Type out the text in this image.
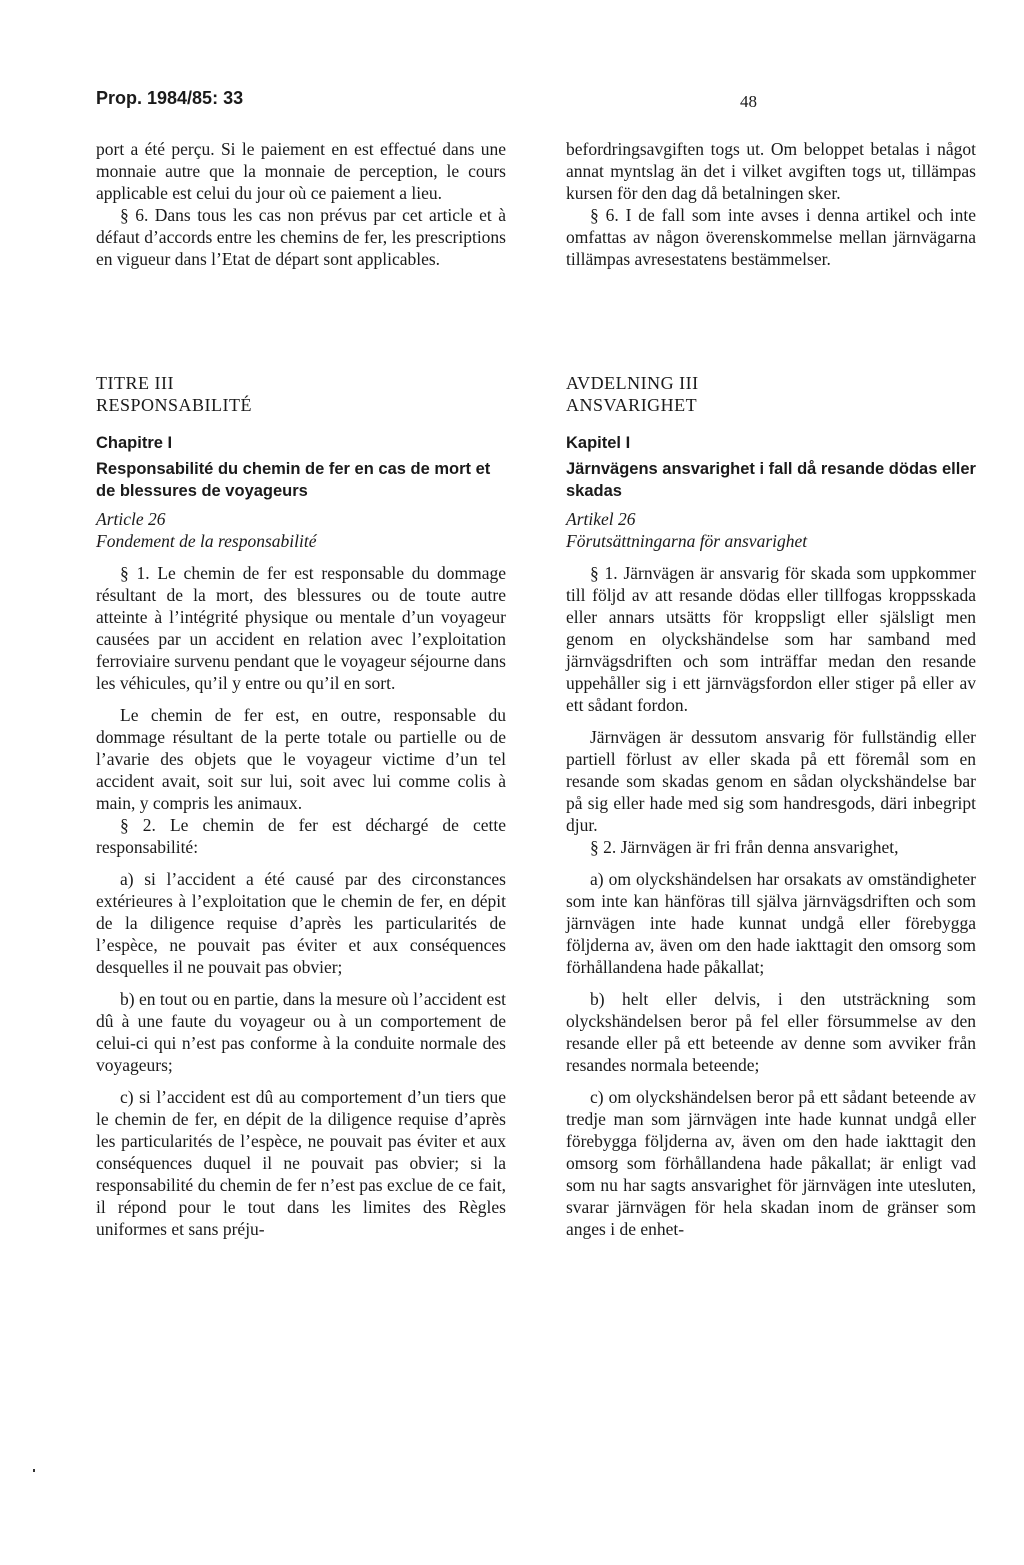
Prop. 1984/85: 33	48

port a été perçu. Si le paiement en est effectué dans une monnaie autre que la monnaie de perception, le cours applicable est celui du jour où ce paiement a lieu.

§ 6. Dans tous les cas non prévus par cet article et à défaut d’accords entre les chemins de fer, les prescriptions en vigueur dans l’Etat de départ sont applicables.

befordringsavgiften togs ut. Om beloppet betalas i något annat myntslag än det i vilket avgiften togs ut, tillämpas kursen för den dag då betalningen sker.

§ 6. I de fall som inte avses i denna artikel och inte omfattas av någon överenskommelse mellan järnvägarna tillämpas avresestatens bestämmelser.

TITRE III
RESPONSABILITÉ
Chapitre I
Responsabilité du chemin de fer en cas de mort et de blessures de voyageurs
Article 26
Fondement de la responsabilité

§ 1. Le chemin de fer est responsable du dommage résultant de la mort, des blessures ou de toute autre atteinte à l’intégrité physique ou mentale d’un voyageur causées par un accident en relation avec l’exploitation ferroviaire survenu pendant que le voyageur séjourne dans les véhicules, qu’il y entre ou qu’il en sort.

Le chemin de fer est, en outre, responsable du dommage résultant de la perte totale ou partielle ou de l’avarie des objets que le voyageur victime d’un tel accident avait, soit sur lui, soit avec lui comme colis à main, y compris les animaux.

§ 2. Le chemin de fer est déchargé de cette responsabilité:

a) si l’accident a été causé par des circonstances extérieures à l’exploitation que le chemin de fer, en dépit de la diligence requise d’après les particularités de l’espèce, ne pouvait pas éviter et aux conséquences desquelles il ne pouvait pas obvier;

b) en tout ou en partie, dans la mesure où l’accident est dû à une faute du voyageur ou à un comportement de celui-ci qui n’est pas conforme à la conduite normale des voyageurs;

c) si l’accident est dû au comportement d’un tiers que le chemin de fer, en dépit de la diligence requise d’après les particularités de l’espèce, ne pouvait pas éviter et aux conséquences duquel il ne pouvait pas obvier; si la responsabilité du chemin de fer n’est pas exclue de ce fait, il répond pour le tout dans les limites des Règles uniformes et sans préju-

AVDELNING III
ANSVARIGHET
Kapitel I
Järnvägens ansvarighet i fall då resande dödas eller skadas
Artikel 26
Förutsättningarna för ansvarighet

§ 1. Järnvägen är ansvarig för skada som uppkommer till följd av att resande dödas eller tillfogas kroppsskada eller annars utsätts för kroppsligt eller själsligt men genom en olyckshändelse som har samband med järnvägsdriften och som inträffar medan den resande uppehåller sig i ett järnvägsfordon eller stiger på eller av ett sådant fordon.

Järnvägen är dessutom ansvarig för fullständig eller partiell förlust av eller skada på ett föremål som en resande som skadas genom en sådan olyckshändelse bar på sig eller hade med sig som handresgods, däri inbegript djur.

§ 2. Järnvägen är fri från denna ansvarighet,

a) om olyckshändelsen har orsakats av omständigheter som inte kan hänföras till själva järnvägsdriften och som järnvägen inte hade kunnat undgå eller förebygga följderna av, även om den hade iakttagit den omsorg som förhållandena hade påkallat;

b) helt eller delvis, i den utsträckning som olyckshändelsen beror på fel eller försummelse av den resande eller på ett beteende av denne som avviker från resandes normala beteende;

c) om olyckshändelsen beror på ett sådant beteende av tredje man som järnvägen inte hade kunnat undgå eller förebygga följderna av, även om den hade iakttagit den omsorg som förhållandena hade påkallat; är enligt vad som nu har sagts ansvarighet för järnvägen inte utesluten, svarar järnvägen för hela skadan inom de gränser som anges i de enhet-
